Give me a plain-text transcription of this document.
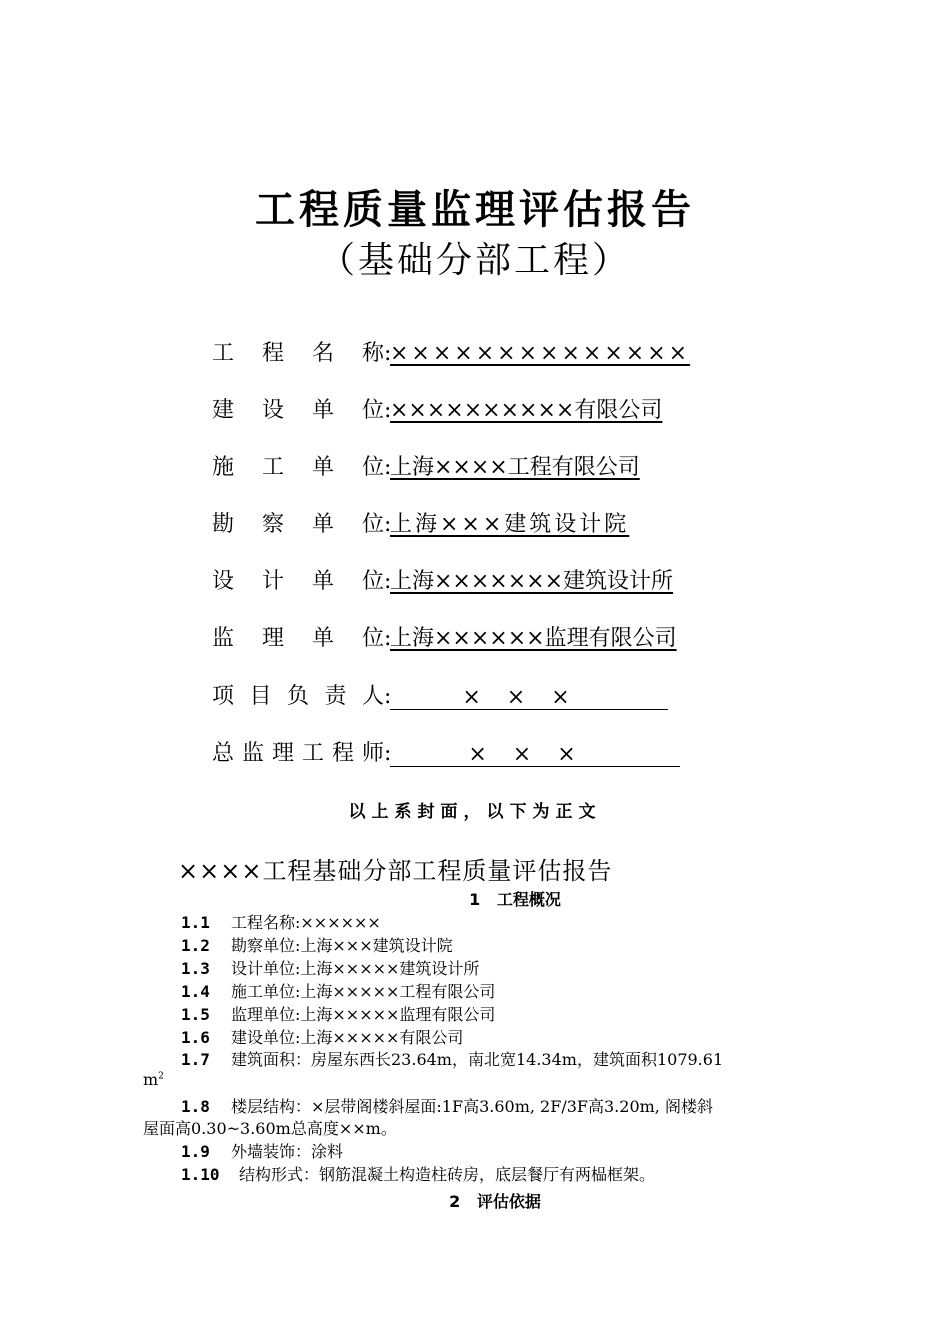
工程质量监理评估报告
（基础分部工程）
工程名称:××××××××××××××
建设单位:××××××××××有限公司
施工单位:上海××××工程有限公司
勘察单位:上海×××建筑设计院
设计单位:上海×××××××建筑设计所
监理单位:上海××××××监理有限公司
项目负责人:	×××
总监理工程师:	×××
以上系封面，以下为正文
××××工程基础分部工程质量评估报告
1 工程概况
1.1 工程名称:××××××
1.2 勘察单位:上海×××建筑设计院
1.3 设计单位:上海×××××建筑设计所
1.4 施工单位:上海×××××工程有限公司
1.5 监理单位:上海×××××监理有限公司
1.6 建设单位:上海×××××有限公司
1.7 建筑面积：房屋东西长23.64m，南北宽14.34m，建筑面积1079.61
$m^2$
1.8 楼层结构：×层带阁楼斜屋面:1F高3.60m, 2F/3F高3.20m, 阁楼斜
屋面高0.30~3.60m总高度××m。
1.9 外墙装饰：涂料
1.10 结构形式：钢筋混凝土构造柱砖房，底层餐厅有两榀框架。
2 评估依据
